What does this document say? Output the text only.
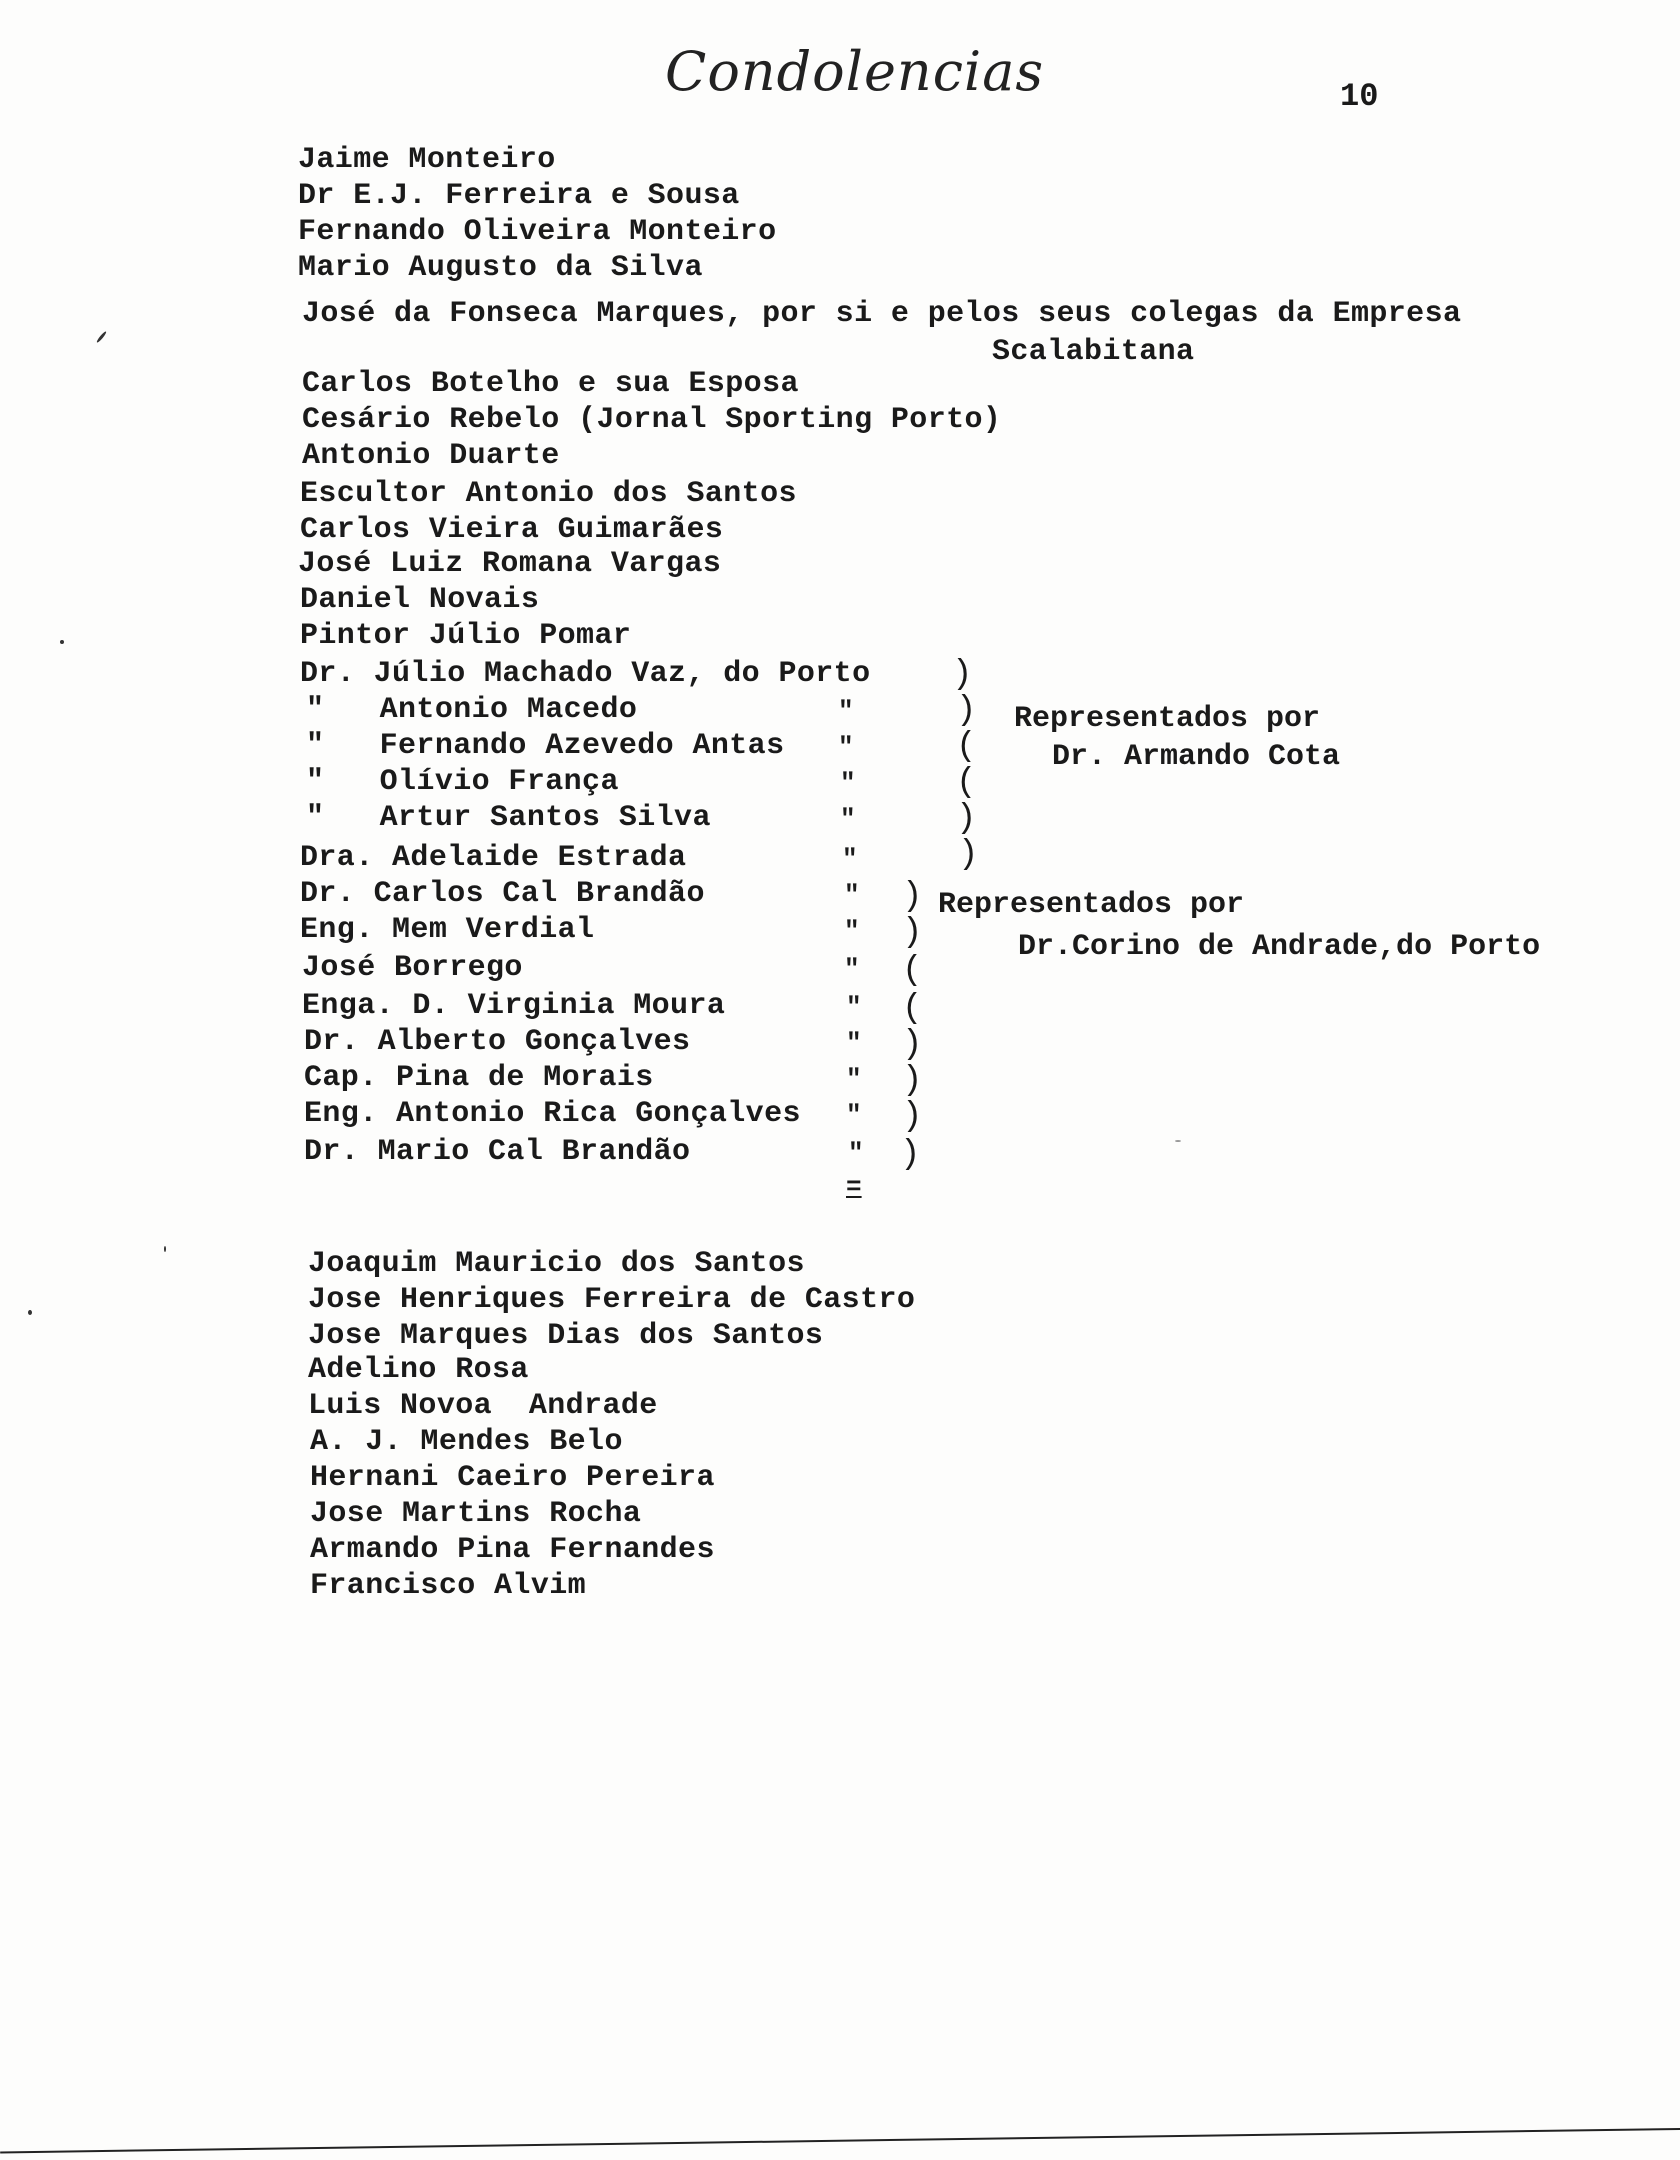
Condolencias	10
Jaime Monteiro
Dr E.J. Ferreira e Sousa
Fernando Oliveira Monteiro
Mario Augusto da Silva
José da Fonseca Marques, por si e pelos seus colegas da Empresa
Scalabitana
Carlos Botelho e sua Esposa
Cesário Rebelo (Jornal Sporting Porto)
Antonio Duarte
Escultor Antonio dos Santos
Carlos Vieira Guimarães
José Luiz Romana Vargas
Daniel Novais
Pintor Júlio Pomar
Dr. Júlio Machado Vaz, do Porto
"   Antonio Macedo
"   Fernando Azevedo Antas
"   Olívio França
"   Artur Santos Silva
"
"
"
"
)
)
(
(
)
)
Representados por
Dr. Armando Cota
Dra. Adelaide Estrada
Dr. Carlos Cal Brandão
Eng. Mem Verdial
José Borrego
Enga. D. Virginia Moura
Dr. Alberto Gonçalves
Cap. Pina de Morais
Eng. Antonio Rica Gonçalves
Dr. Mario Cal Brandão
"
"
"
"
"
"
"
"
"
)
)
(
(
)
)
)
)
Representados por
Dr.Corino de Andrade,do Porto
=
Joaquim Mauricio dos Santos
Jose Henriques Ferreira de Castro
Jose Marques Dias dos Santos
Adelino Rosa
Luis Novoa  Andrade
A. J. Mendes Belo
Hernani Caeiro Pereira
Jose Martins Rocha
Armando Pina Fernandes
Francisco Alvim
